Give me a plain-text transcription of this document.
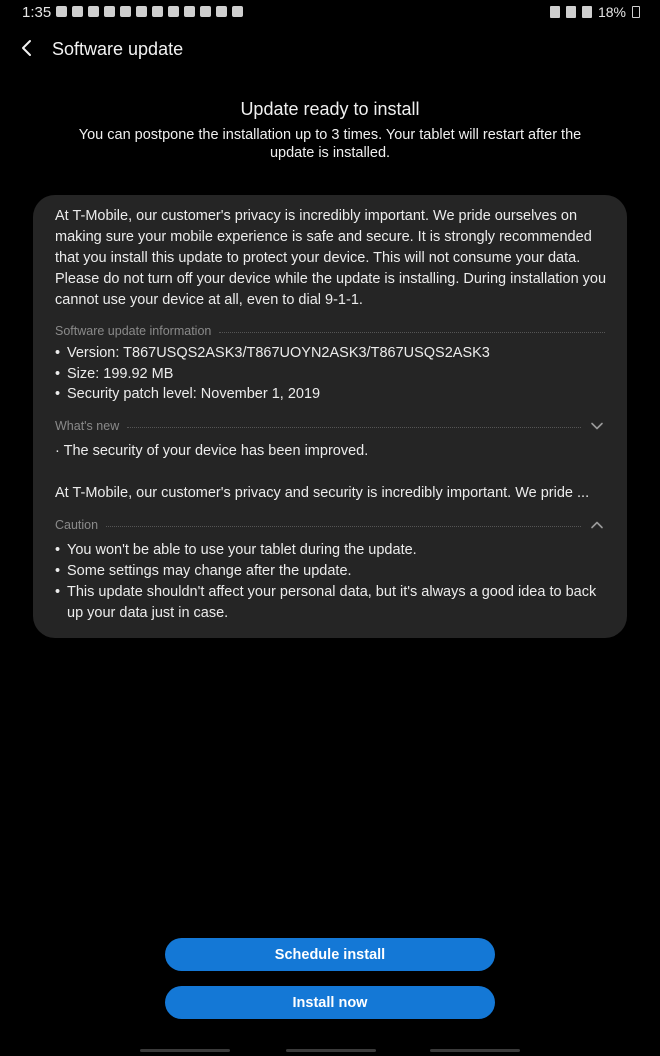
1:35	18%
Software update
Update ready to install
You can postpone the installation up to 3 times. Your tablet will restart after the update is installed.
At T-Mobile, our customer's privacy is incredibly important. We pride ourselves on making sure your mobile experience is safe and secure. It is strongly recommended that you install this update to protect your device. This will not consume your data. Please do not turn off your device while the update is installing. During installation you cannot use your device at all, even to dial 9-1-1.
Software update information
• Version: T867USQS2ASK3/T867UOYN2ASK3/T867USQS2ASK3
• Size: 199.92 MB
• Security patch level: November 1, 2019
What's new
· The security of your device has been improved.
At T-Mobile, our customer's privacy and security is incredibly important. We pride ...
Caution
• You won't be able to use your tablet during the update.
• Some settings may change after the update.
• This update shouldn't affect your personal data, but it's always a good idea to back up your data just in case.
Schedule install
Install now
